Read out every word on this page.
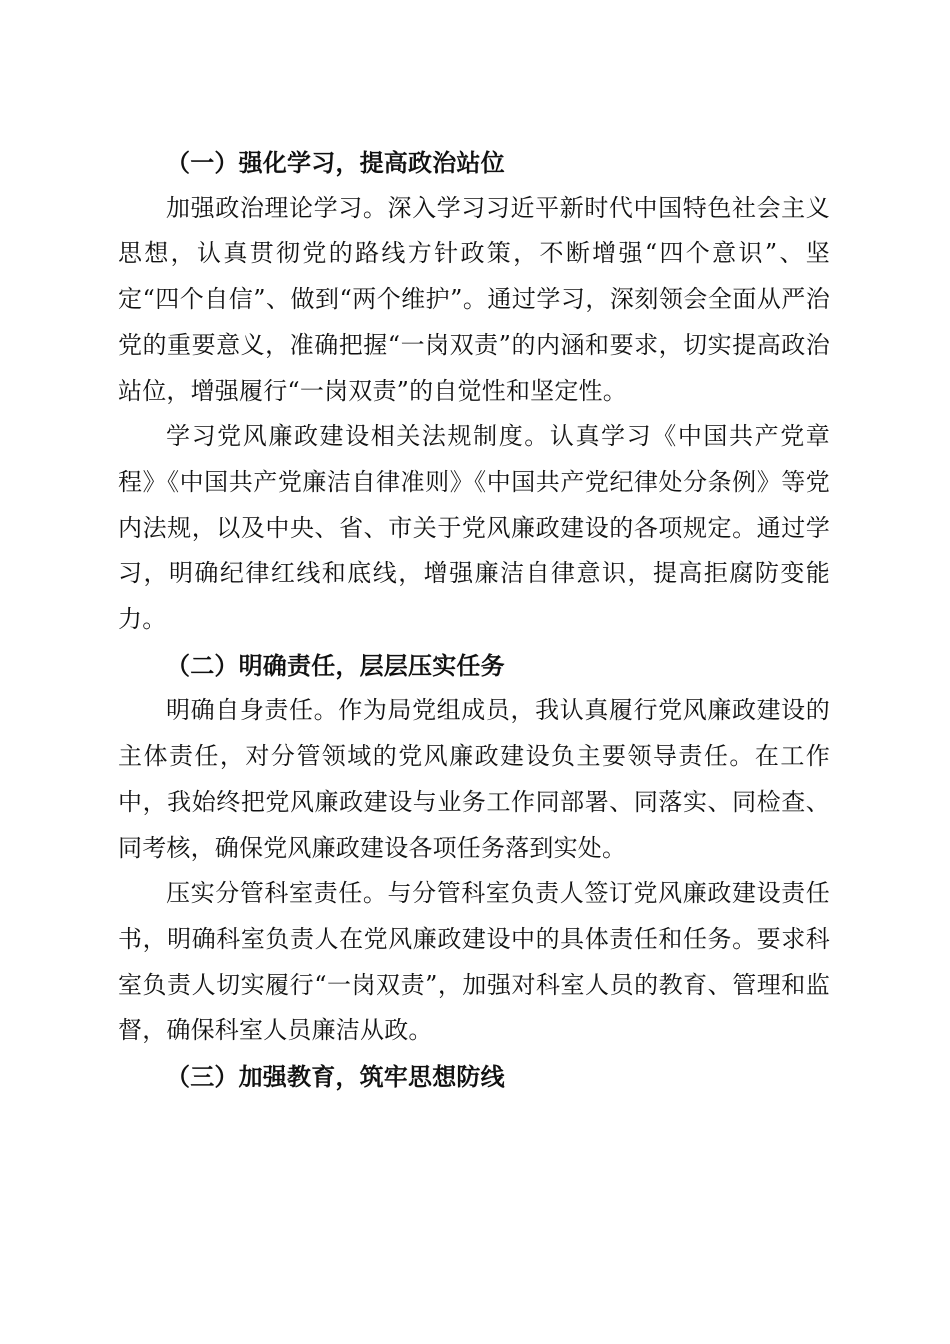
（一）强化学习，提高政治站位

加强政治理论学习。深入学习习近平新时代中国特色社会主义思想，认真贯彻党的路线方针政策，不断增强“四个意识”、坚定“四个自信”、做到“两个维护”。通过学习，深刻领会全面从严治党的重要意义，准确把握“一岗双责”的内涵和要求，切实提高政治站位，增强履行“一岗双责”的自觉性和坚定性。

学习党风廉政建设相关法规制度。认真学习《中国共产党章程》《中国共产党廉洁自律准则》《中国共产党纪律处分条例》等党内法规，以及中央、省、市关于党风廉政建设的各项规定。通过学习，明确纪律红线和底线，增强廉洁自律意识，提高拒腐防变能力。

（二）明确责任，层层压实任务

明确自身责任。作为局党组成员，我认真履行党风廉政建设的主体责任，对分管领域的党风廉政建设负主要领导责任。在工作中，我始终把党风廉政建设与业务工作同部署、同落实、同检查、同考核，确保党风廉政建设各项任务落到实处。

压实分管科室责任。与分管科室负责人签订党风廉政建设责任书，明确科室负责人在党风廉政建设中的具体责任和任务。要求科室负责人切实履行“一岗双责”，加强对科室人员的教育、管理和监督，确保科室人员廉洁从政。

（三）加强教育，筑牢思想防线
